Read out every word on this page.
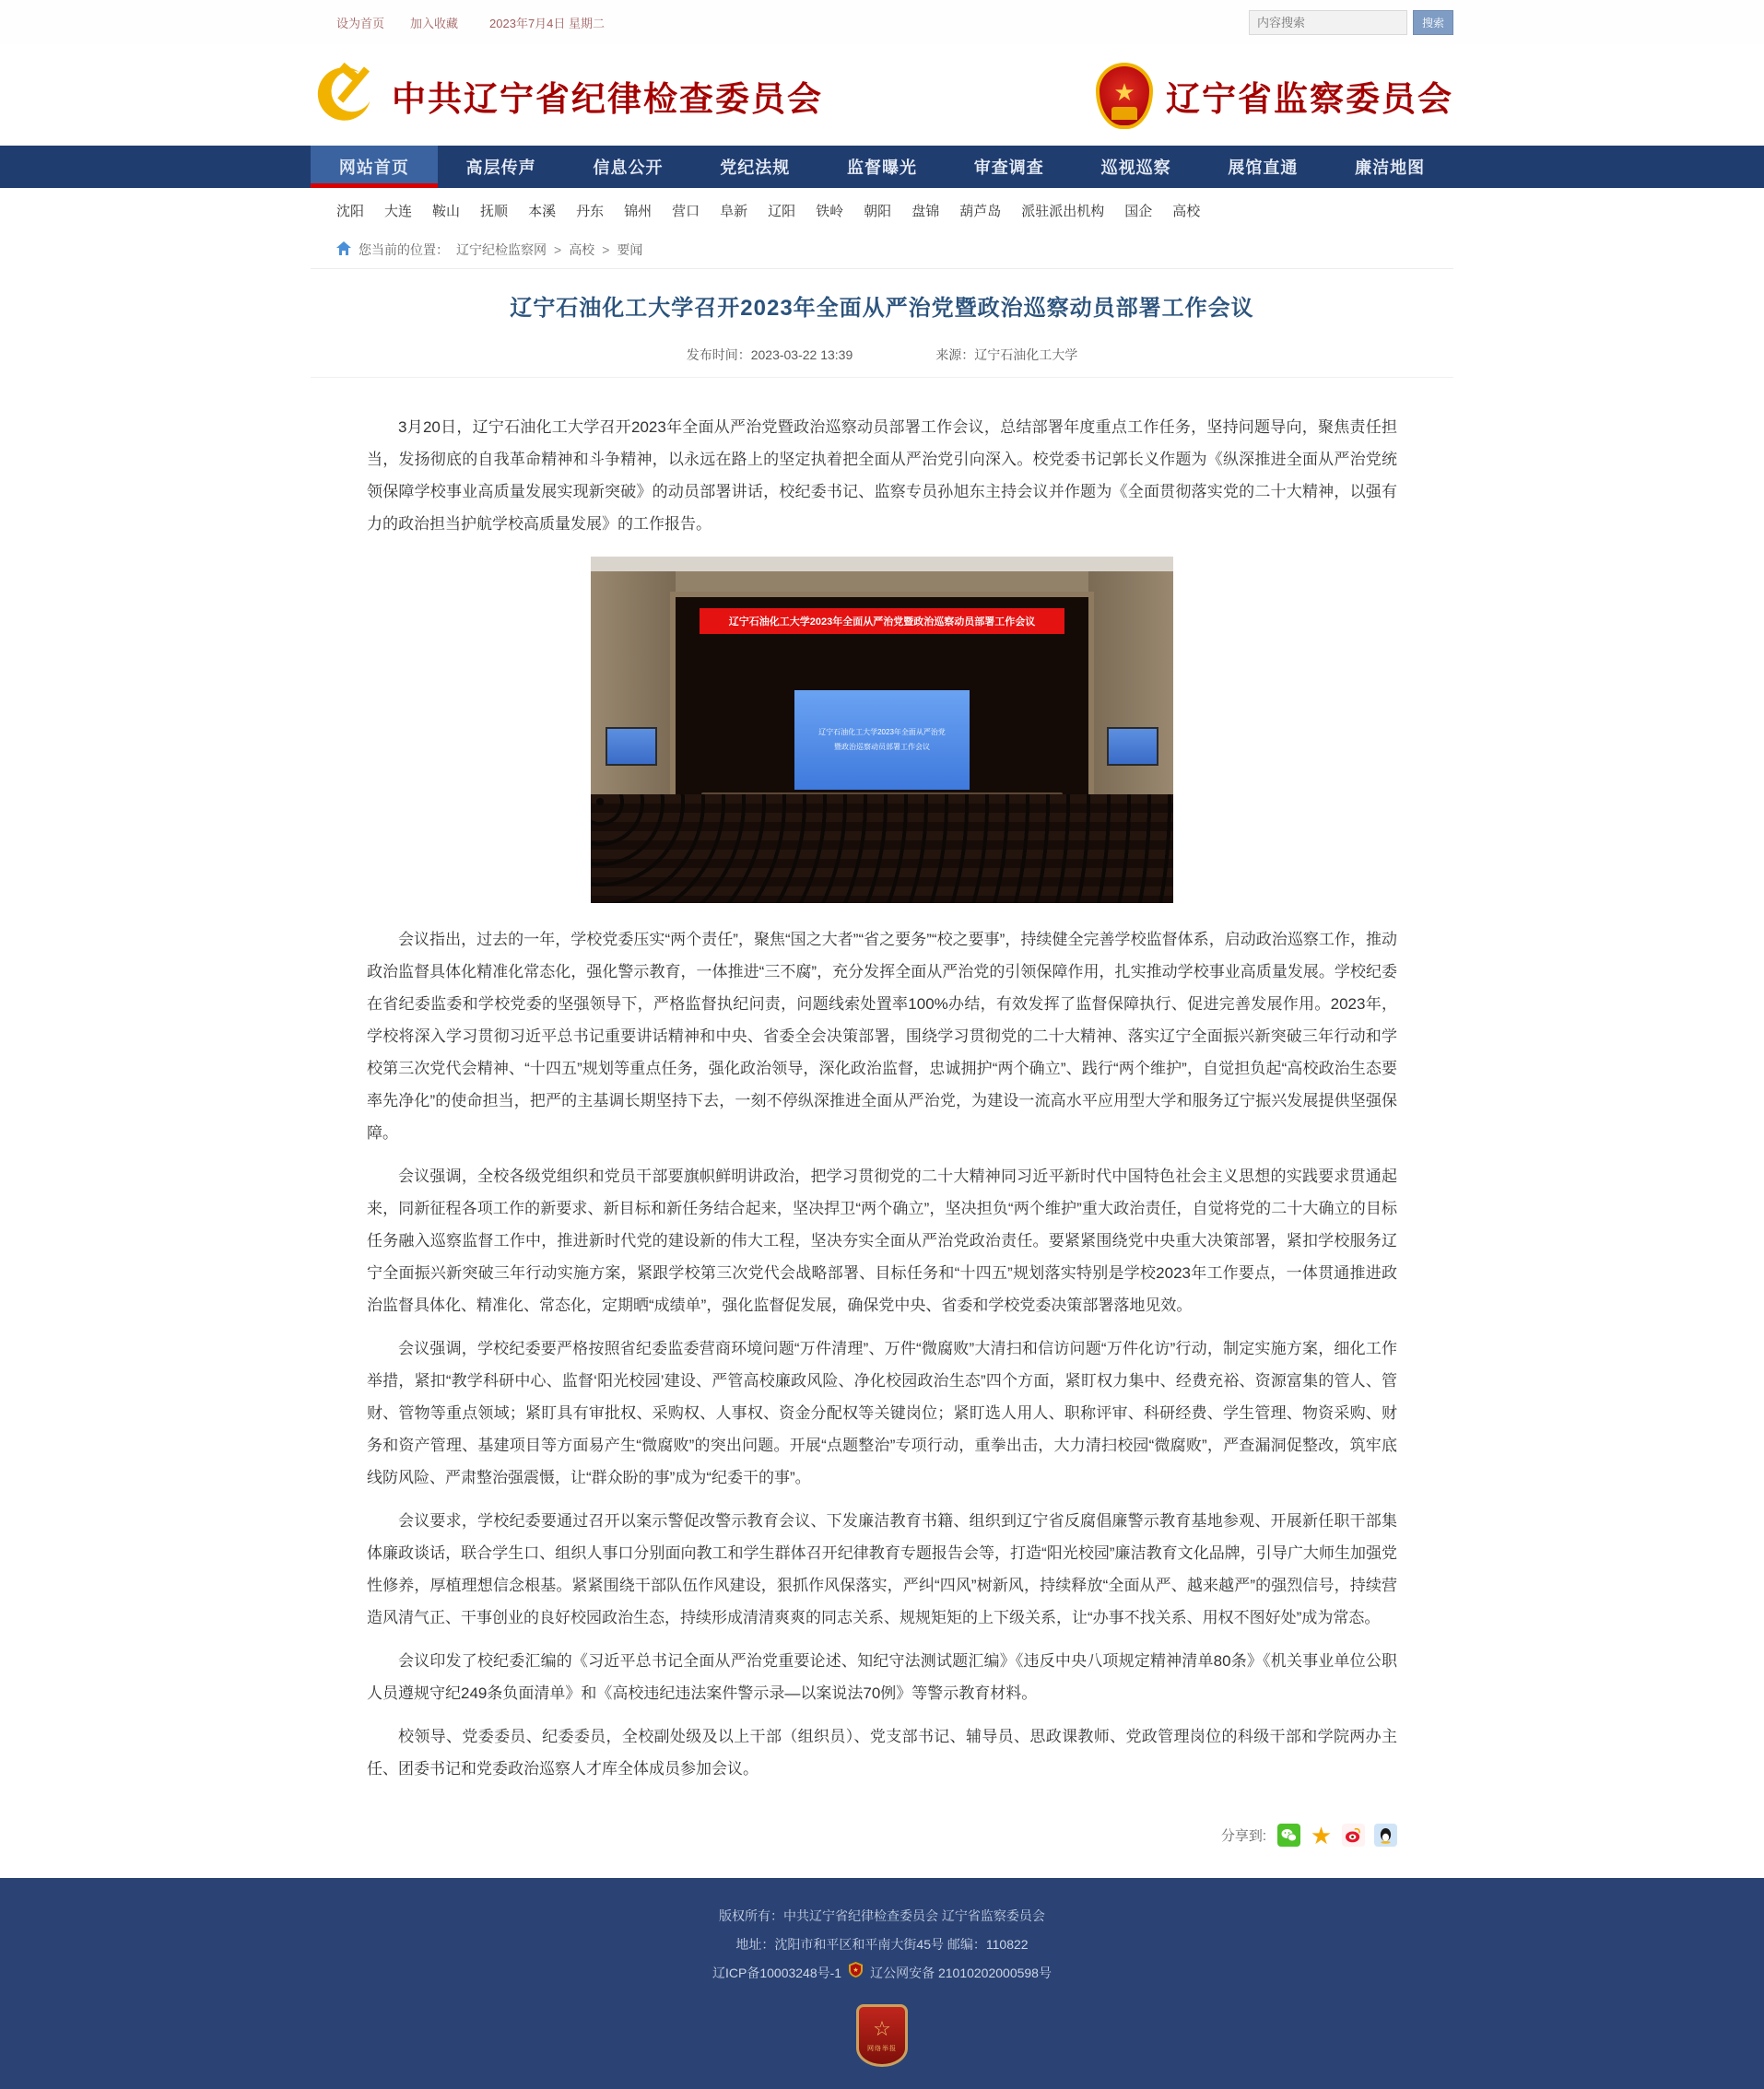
设为首页 加入收藏	2023年7月4日 星期二
内容搜索	搜索
中共辽宁省纪律检查委员会	★ 辽宁省监察委员会
网站首页	高层传声	信息公开	党纪法规	监督曝光	审查调查	巡视巡察	展馆直通	廉洁地图
沈阳 大连 鞍山 抚顺 本溪 丹东 锦州 营口 阜新 辽阳 铁岭 朝阳 盘锦 葫芦岛 派驻派出机构 国企 高校
您当前的位置： 辽宁纪检监察网 > 高校 > 要闻
辽宁石油化工大学召开2023年全面从严治党暨政治巡察动员部署工作会议
发布时间：2023-03-22 13:39	来源：辽宁石油化工大学

3月20日，辽宁石油化工大学召开2023年全面从严治党暨政治巡察动员部署工作会议，总结部署年度重点工作任务，坚持问题导向，聚焦责任担当，发扬彻底的自我革命精神和斗争精神，以永远在路上的坚定执着把全面从严治党引向深入。校党委书记郭长义作题为《纵深推进全面从严治党统领保障学校事业高质量发展实现新突破》的动员部署讲话，校纪委书记、监察专员孙旭东主持会议并作题为《全面贯彻落实党的二十大精神，以强有力的政治担当护航学校高质量发展》的工作报告。

辽宁石油化工大学2023年全面从严治党暨政治巡察动员部署工作会议
辽宁石油化工大学2023年全面从严治党
暨政治巡察动员部署工作会议

会议指出，过去的一年，学校党委压实“两个责任”，聚焦“国之大者”“省之要务”“校之要事”，持续健全完善学校监督体系，启动政治巡察工作，推动政治监督具体化精准化常态化，强化警示教育，一体推进“三不腐”，充分发挥全面从严治党的引领保障作用，扎实推动学校事业高质量发展。学校纪委在省纪委监委和学校党委的坚强领导下，严格监督执纪问责，问题线索处置率100%办结，有效发挥了监督保障执行、促进完善发展作用。2023年，学校将深入学习贯彻习近平总书记重要讲话精神和中央、省委全会决策部署，围绕学习贯彻党的二十大精神、落实辽宁全面振兴新突破三年行动和学校第三次党代会精神、“十四五”规划等重点任务，强化政治领导，深化政治监督，忠诚拥护“两个确立”、践行“两个维护”，自觉担负起“高校政治生态要率先净化”的使命担当，把严的主基调长期坚持下去，一刻不停纵深推进全面从严治党，为建设一流高水平应用型大学和服务辽宁振兴发展提供坚强保障。

会议强调，全校各级党组织和党员干部要旗帜鲜明讲政治，把学习贯彻党的二十大精神同习近平新时代中国特色社会主义思想的实践要求贯通起来，同新征程各项工作的新要求、新目标和新任务结合起来，坚决捍卫“两个确立”，坚决担负“两个维护”重大政治责任，自觉将党的二十大确立的目标任务融入巡察监督工作中，推进新时代党的建设新的伟大工程，坚决夯实全面从严治党政治责任。要紧紧围绕党中央重大决策部署，紧扣学校服务辽宁全面振兴新突破三年行动实施方案，紧跟学校第三次党代会战略部署、目标任务和“十四五”规划落实特别是学校2023年工作要点，一体贯通推进政治监督具体化、精准化、常态化，定期晒“成绩单”，强化监督促发展，确保党中央、省委和学校党委决策部署落地见效。

会议强调，学校纪委要严格按照省纪委监委营商环境问题“万件清理”、万件“微腐败”大清扫和信访问题“万件化访”行动，制定实施方案，细化工作举措，紧扣“教学科研中心、监督‘阳光校园’建设、严管高校廉政风险、净化校园政治生态”四个方面，紧盯权力集中、经费充裕、资源富集的管人、管财、管物等重点领域；紧盯具有审批权、采购权、人事权、资金分配权等关键岗位；紧盯选人用人、职称评审、科研经费、学生管理、物资采购、财务和资产管理、基建项目等方面易产生“微腐败”的突出问题。开展“点题整治”专项行动，重拳出击，大力清扫校园“微腐败”，严查漏洞促整改，筑牢底线防风险、严肃整治强震慑，让“群众盼的事”成为“纪委干的事”。

会议要求，学校纪委要通过召开以案示警促改警示教育会议、下发廉洁教育书籍、组织到辽宁省反腐倡廉警示教育基地参观、开展新任职干部集体廉政谈话，联合学生口、组织人事口分别面向教工和学生群体召开纪律教育专题报告会等，打造“阳光校园”廉洁教育文化品牌，引导广大师生加强党性修养，厚植理想信念根基。紧紧围绕干部队伍作风建设，狠抓作风保落实，严纠“四风”树新风，持续释放“全面从严、越来越严”的强烈信号，持续营造风清气正、干事创业的良好校园政治生态，持续形成清清爽爽的同志关系、规规矩矩的上下级关系，让“办事不找关系、用权不图好处”成为常态。

会议印发了校纪委汇编的《习近平总书记全面从严治党重要论述、知纪守法测试题汇编》《违反中央八项规定精神清单80条》《机关事业单位公职人员遵规守纪249条负面清单》和《高校违纪违法案件警示录—以案说法70例》等警示教育材料。

校领导、党委委员、纪委委员，全校副处级及以上干部（组织员）、党支部书记、辅导员、思政课教师、党政管理岗位的科级干部和学院两办主任、团委书记和党委政治巡察人才库全体成员参加会议。

分享到: ★
版权所有：中共辽宁省纪律检查委员会 辽宁省监察委员会
地址：沈阳市和平区和平南大街45号 邮编：110822
辽ICP备10003248号-1 ★ 辽公网安备 21010202000598号
☆
网络举报
